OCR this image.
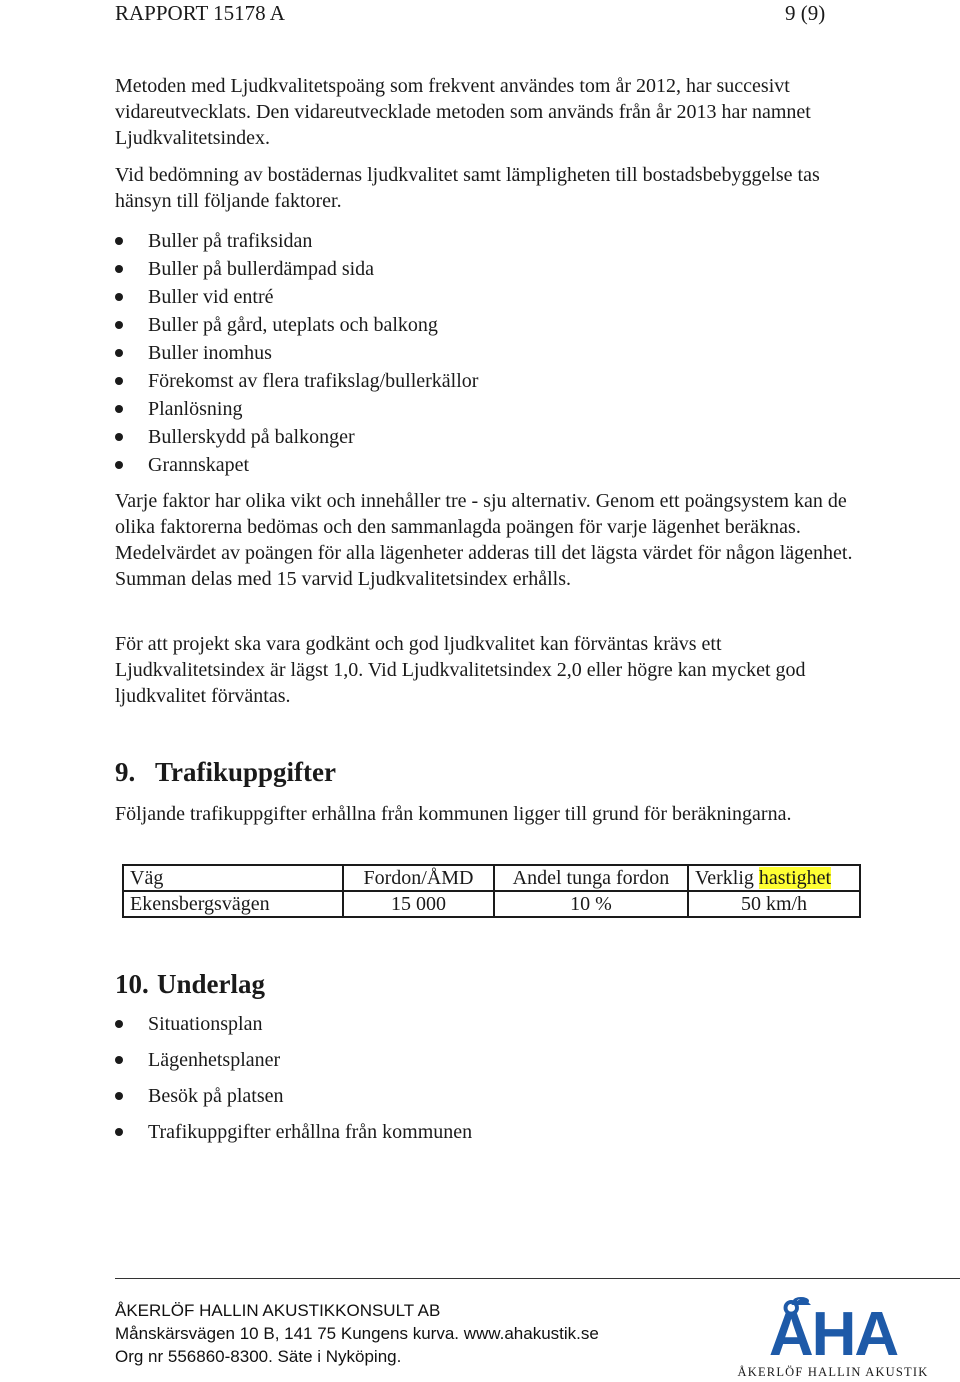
RAPPORT 15178 A	9 (9)

Metoden med Ljudkvalitetspoäng som frekvent användes tom år 2012, har succesivt vidareutvecklats. Den vidareutvecklade metoden som används från år 2013 har namnet Ljudkvalitetsindex.

Vid bedömning av bostädernas ljudkvalitet samt lämpligheten till bostadsbebyggelse tas hänsyn till följande faktorer.

Buller på trafiksidan
Buller på bullerdämpad sida
Buller vid entré
Buller på gård, uteplats och balkong
Buller inomhus
Förekomst av flera trafikslag/bullerkällor
Planlösning
Bullerskydd på balkonger
Grannskapet

Varje faktor har olika vikt och innehåller tre - sju alternativ. Genom ett poängsystem kan de olika faktorerna bedömas och den sammanlagda poängen för varje lägenhet beräknas. Medelvärdet av poängen för alla lägenheter adderas till det lägsta värdet för någon lägenhet. Summan delas med 15 varvid Ljudkvalitetsindex erhålls.

För att projekt ska vara godkänt och god ljudkvalitet kan förväntas krävs ett Ljudkvalitetsindex är lägst 1,0. Vid Ljudkvalitetsindex 2,0 eller högre kan mycket god ljudkvalitet förväntas.

9. Trafikuppgifter

Följande trafikuppgifter erhållna från kommunen ligger till grund för beräkningarna.

Väg	Fordon/ÅMD	Andel tunga fordon	Verklig hastighet
Ekensbergsvägen	15 000	10 %	50 km/h
10. Underlag
Situationsplan
Lägenhetsplaner
Besök på platsen
Trafikuppgifter erhållna från kommunen
ÅKERLÖF HALLIN AKUSTIKKONSULT AB
Månskärsvägen 10 B, 141 75 Kungens kurva. www.ahakustik.se
Org nr 556860-8300. Säte i Nyköping.	ÅHA
ÅKERLÖF HALLIN AKUSTIK
